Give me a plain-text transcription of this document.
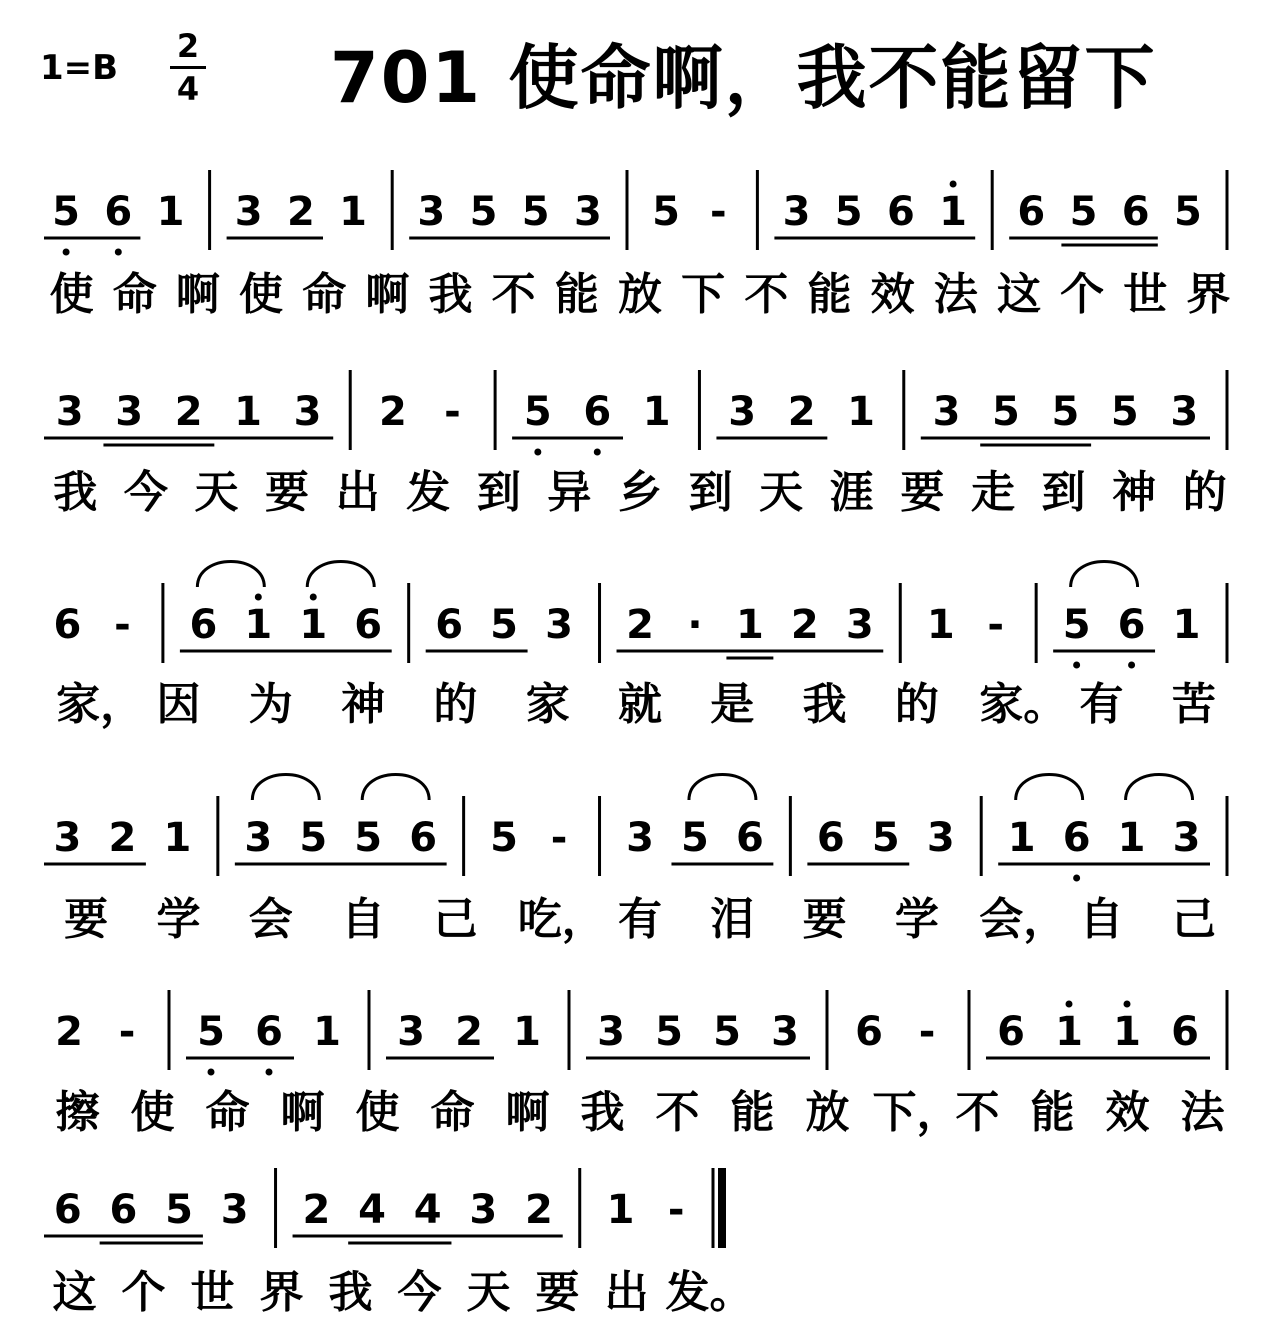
1=B
2
4 701 使命啊，我不能留下
5 6 1 3 2 1 3 5 5 3 5 - 3 5 6 1 6 5 6 5
使 命 啊 使 命 啊 我 不 能 放 下 不 能 效 法 这 个 世 界
3 3 2 1 3 2 - 5 6 1 3 2 1 3 5 5 5 3
我 今 天 要 出 发 到 异 乡 到 天 涯 要 走 到 神 的
6 - 6 1 1 6 6 5 3 2 · 1 2 3 1 - 5 6 1
家， 因 为 神 的 家 就 是 我 的 家。 有 苦
3 2 1 3 5 5 6 5 - 3 5 6 6 5 3 1 6 1 3
要 学 会 自 己 吃， 有 泪 要 学 会， 自 己
2 - 5 6 1 3 2 1 3 5 5 3 6 - 6 1 1 6
擦 使 命 啊 使 命 啊 我 不 能 放 下，
不 能 效 法
6 6 5 3 2 4 4 3 2 1 -
这 个 世 界 我 今 天 要 出 发。
